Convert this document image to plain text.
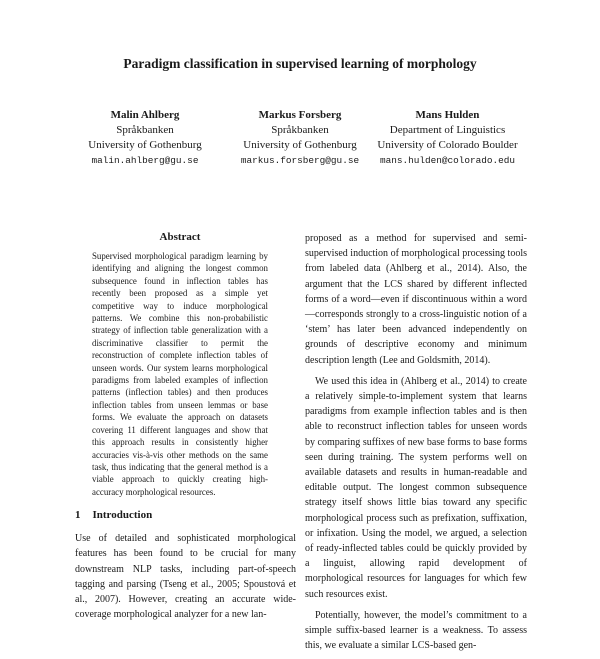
Paradigm classification in supervised learning of morphology
Malin Ahlberg
Språkbanken
University of Gothenburg
malin.ahlberg@gu.se
Markus Forsberg
Språkbanken
University of Gothenburg
markus.forsberg@gu.se
Mans Hulden
Department of Linguistics
University of Colorado Boulder
mans.hulden@colorado.edu
Abstract
Supervised morphological paradigm learning by identifying and aligning the longest common subsequence found in inflection tables has recently been proposed as a simple yet competitive way to induce morphological patterns. We combine this non-probabilistic strategy of inflection table generalization with a discriminative classifier to permit the reconstruction of complete inflection tables of unseen words. Our system learns morphological paradigms from labeled examples of inflection patterns (inflection tables) and then produces inflection tables from unseen lemmas or base forms. We evaluate the approach on datasets covering 11 different languages and show that this approach results in consistently higher accuracies vis-à-vis other methods on the same task, thus indicating that the general method is a viable approach to quickly creating high-accuracy morphological resources.
1 Introduction
Use of detailed and sophisticated morphological features has been found to be crucial for many downstream NLP tasks, including part-of-speech tagging and parsing (Tseng et al., 2005; Spoustová et al., 2007). However, creating an accurate wide-coverage morphological analyzer for a new lan-

proposed as a method for supervised and semi-supervised induction of morphological processing tools from labeled data (Ahlberg et al., 2014). Also, the argument that the LCS shared by different inflected forms of a word—even if discontinuous within a word—corresponds strongly to a cross-linguistic notion of a ‘stem’ has later been advanced independently on grounds of descriptive economy and minimum description length (Lee and Goldsmith, 2014).

We used this idea in (Ahlberg et al., 2014) to create a relatively simple-to-implement system that learns paradigms from example inflection tables and is then able to reconstruct inflection tables for unseen words by comparing suffixes of new base forms to base forms seen during training. The system performs well on available datasets and results in human-readable and editable output. The longest common subsequence strategy itself shows little bias toward any specific morphological process such as prefixation, suffixation, or infixation. Using the model, we argued, a selection of ready-inflected tables could be quickly provided by a linguist, allowing rapid development of morphological resources for languages for which few such resources exist.

Potentially, however, the model’s commitment to a simple suffix-based learner is a weakness. To assess this, we evaluate a similar LCS-based gen-
